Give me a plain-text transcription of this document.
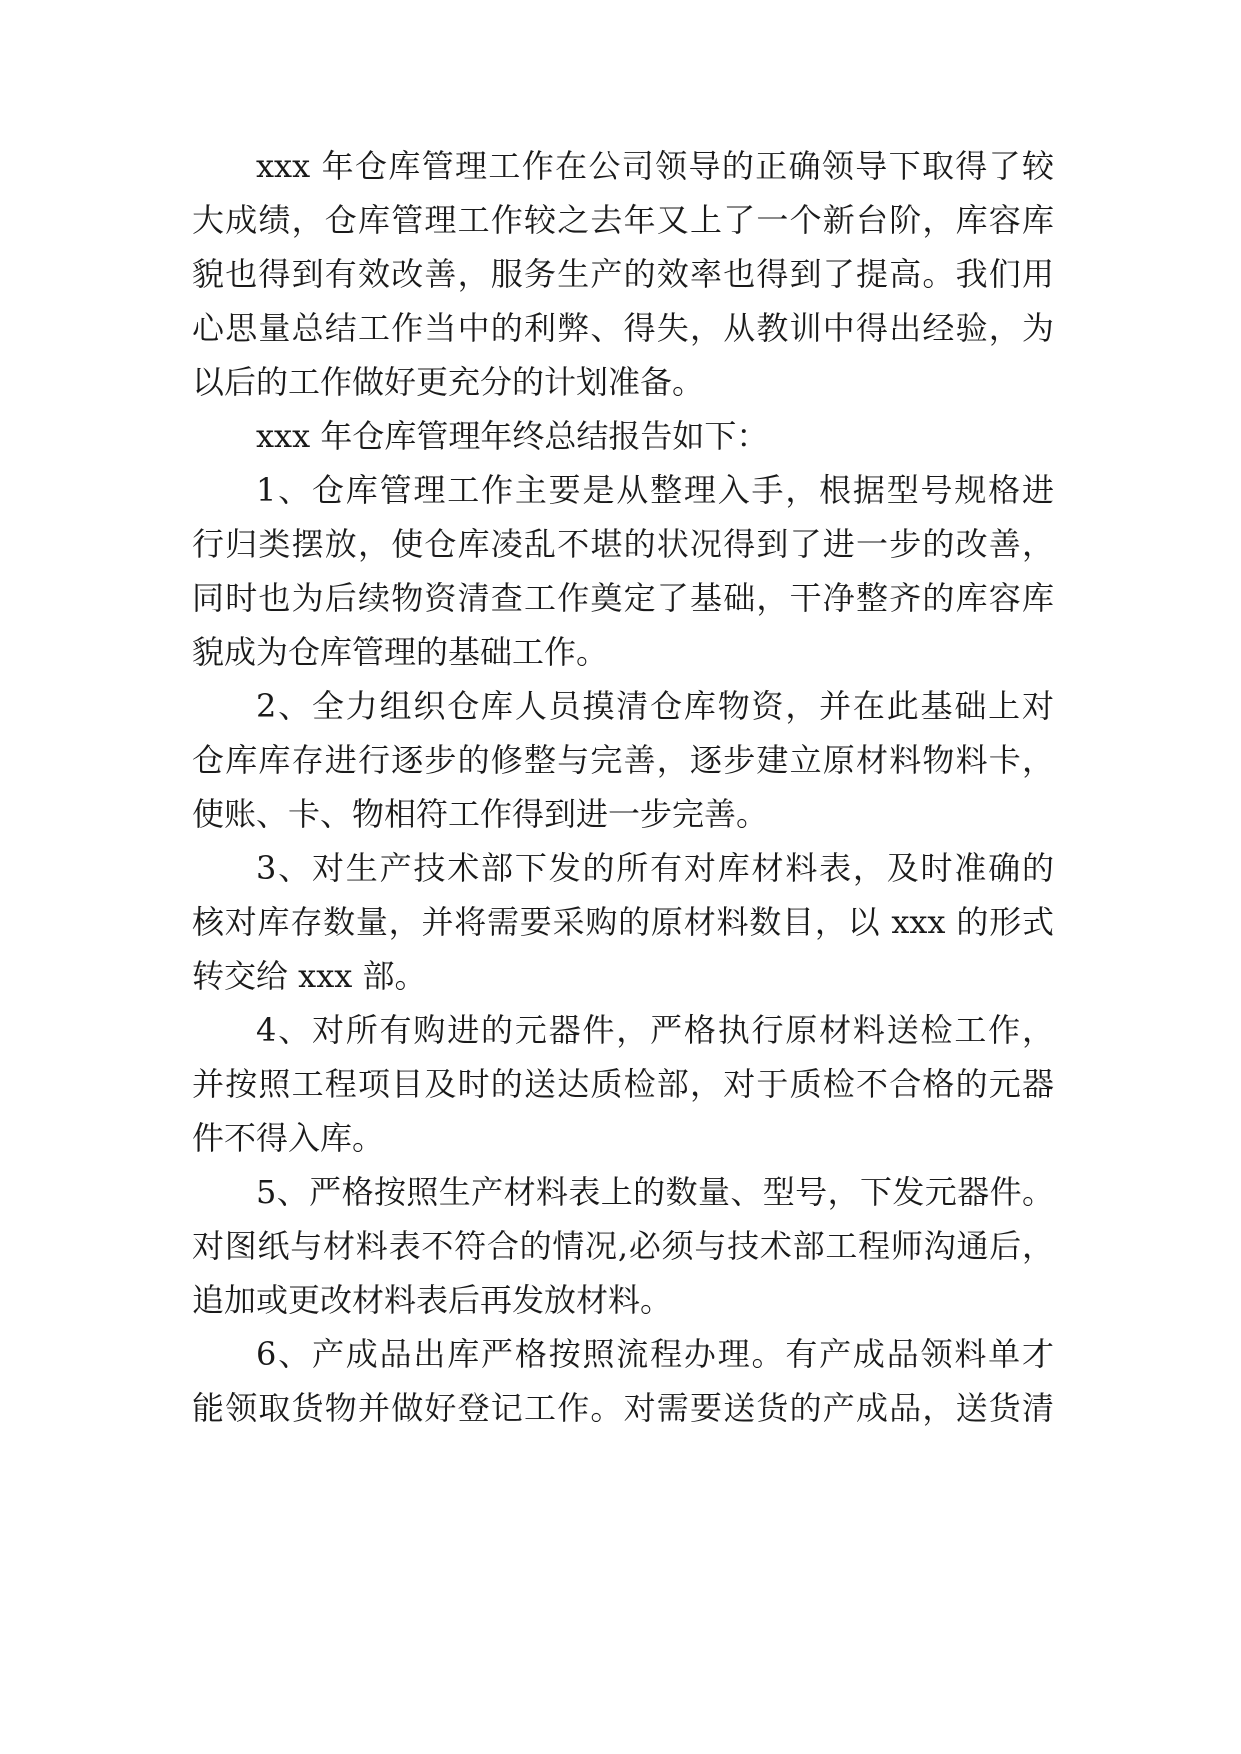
xxx 年仓库管理工作在公司领导的正确领导下取得了较
大成绩，仓库管理工作较之去年又上了一个新台阶，库容库
貌也得到有效改善，服务生产的效率也得到了提高。我们用
心思量总结工作当中的利弊、得失，从教训中得出经验，为
以后的工作做好更充分的计划准备。
xxx 年仓库管理年终总结报告如下：
1、仓库管理工作主要是从整理入手，根据型号规格进
行归类摆放，使仓库凌乱不堪的状况得到了进一步的改善，
同时也为后续物资清查工作奠定了基础，干净整齐的库容库
貌成为仓库管理的基础工作。
2、全力组织仓库人员摸清仓库物资，并在此基础上对
仓库库存进行逐步的修整与完善，逐步建立原材料物料卡，
使账、卡、物相符工作得到进一步完善。
3、对生产技术部下发的所有对库材料表，及时准确的
核对库存数量，并将需要采购的原材料数目，以 xxx 的形式
转交给 xxx 部。
4、对所有购进的元器件，严格执行原材料送检工作，
并按照工程项目及时的送达质检部，对于质检不合格的元器
件不得入库。
5、严格按照生产材料表上的数量、型号，下发元器件。
对图纸与材料表不符合的情况,必须与技术部工程师沟通后，
追加或更改材料表后再发放材料。
6、产成品出库严格按照流程办理。有产成品领料单才
能领取货物并做好登记工作。对需要送货的产成品，送货清
